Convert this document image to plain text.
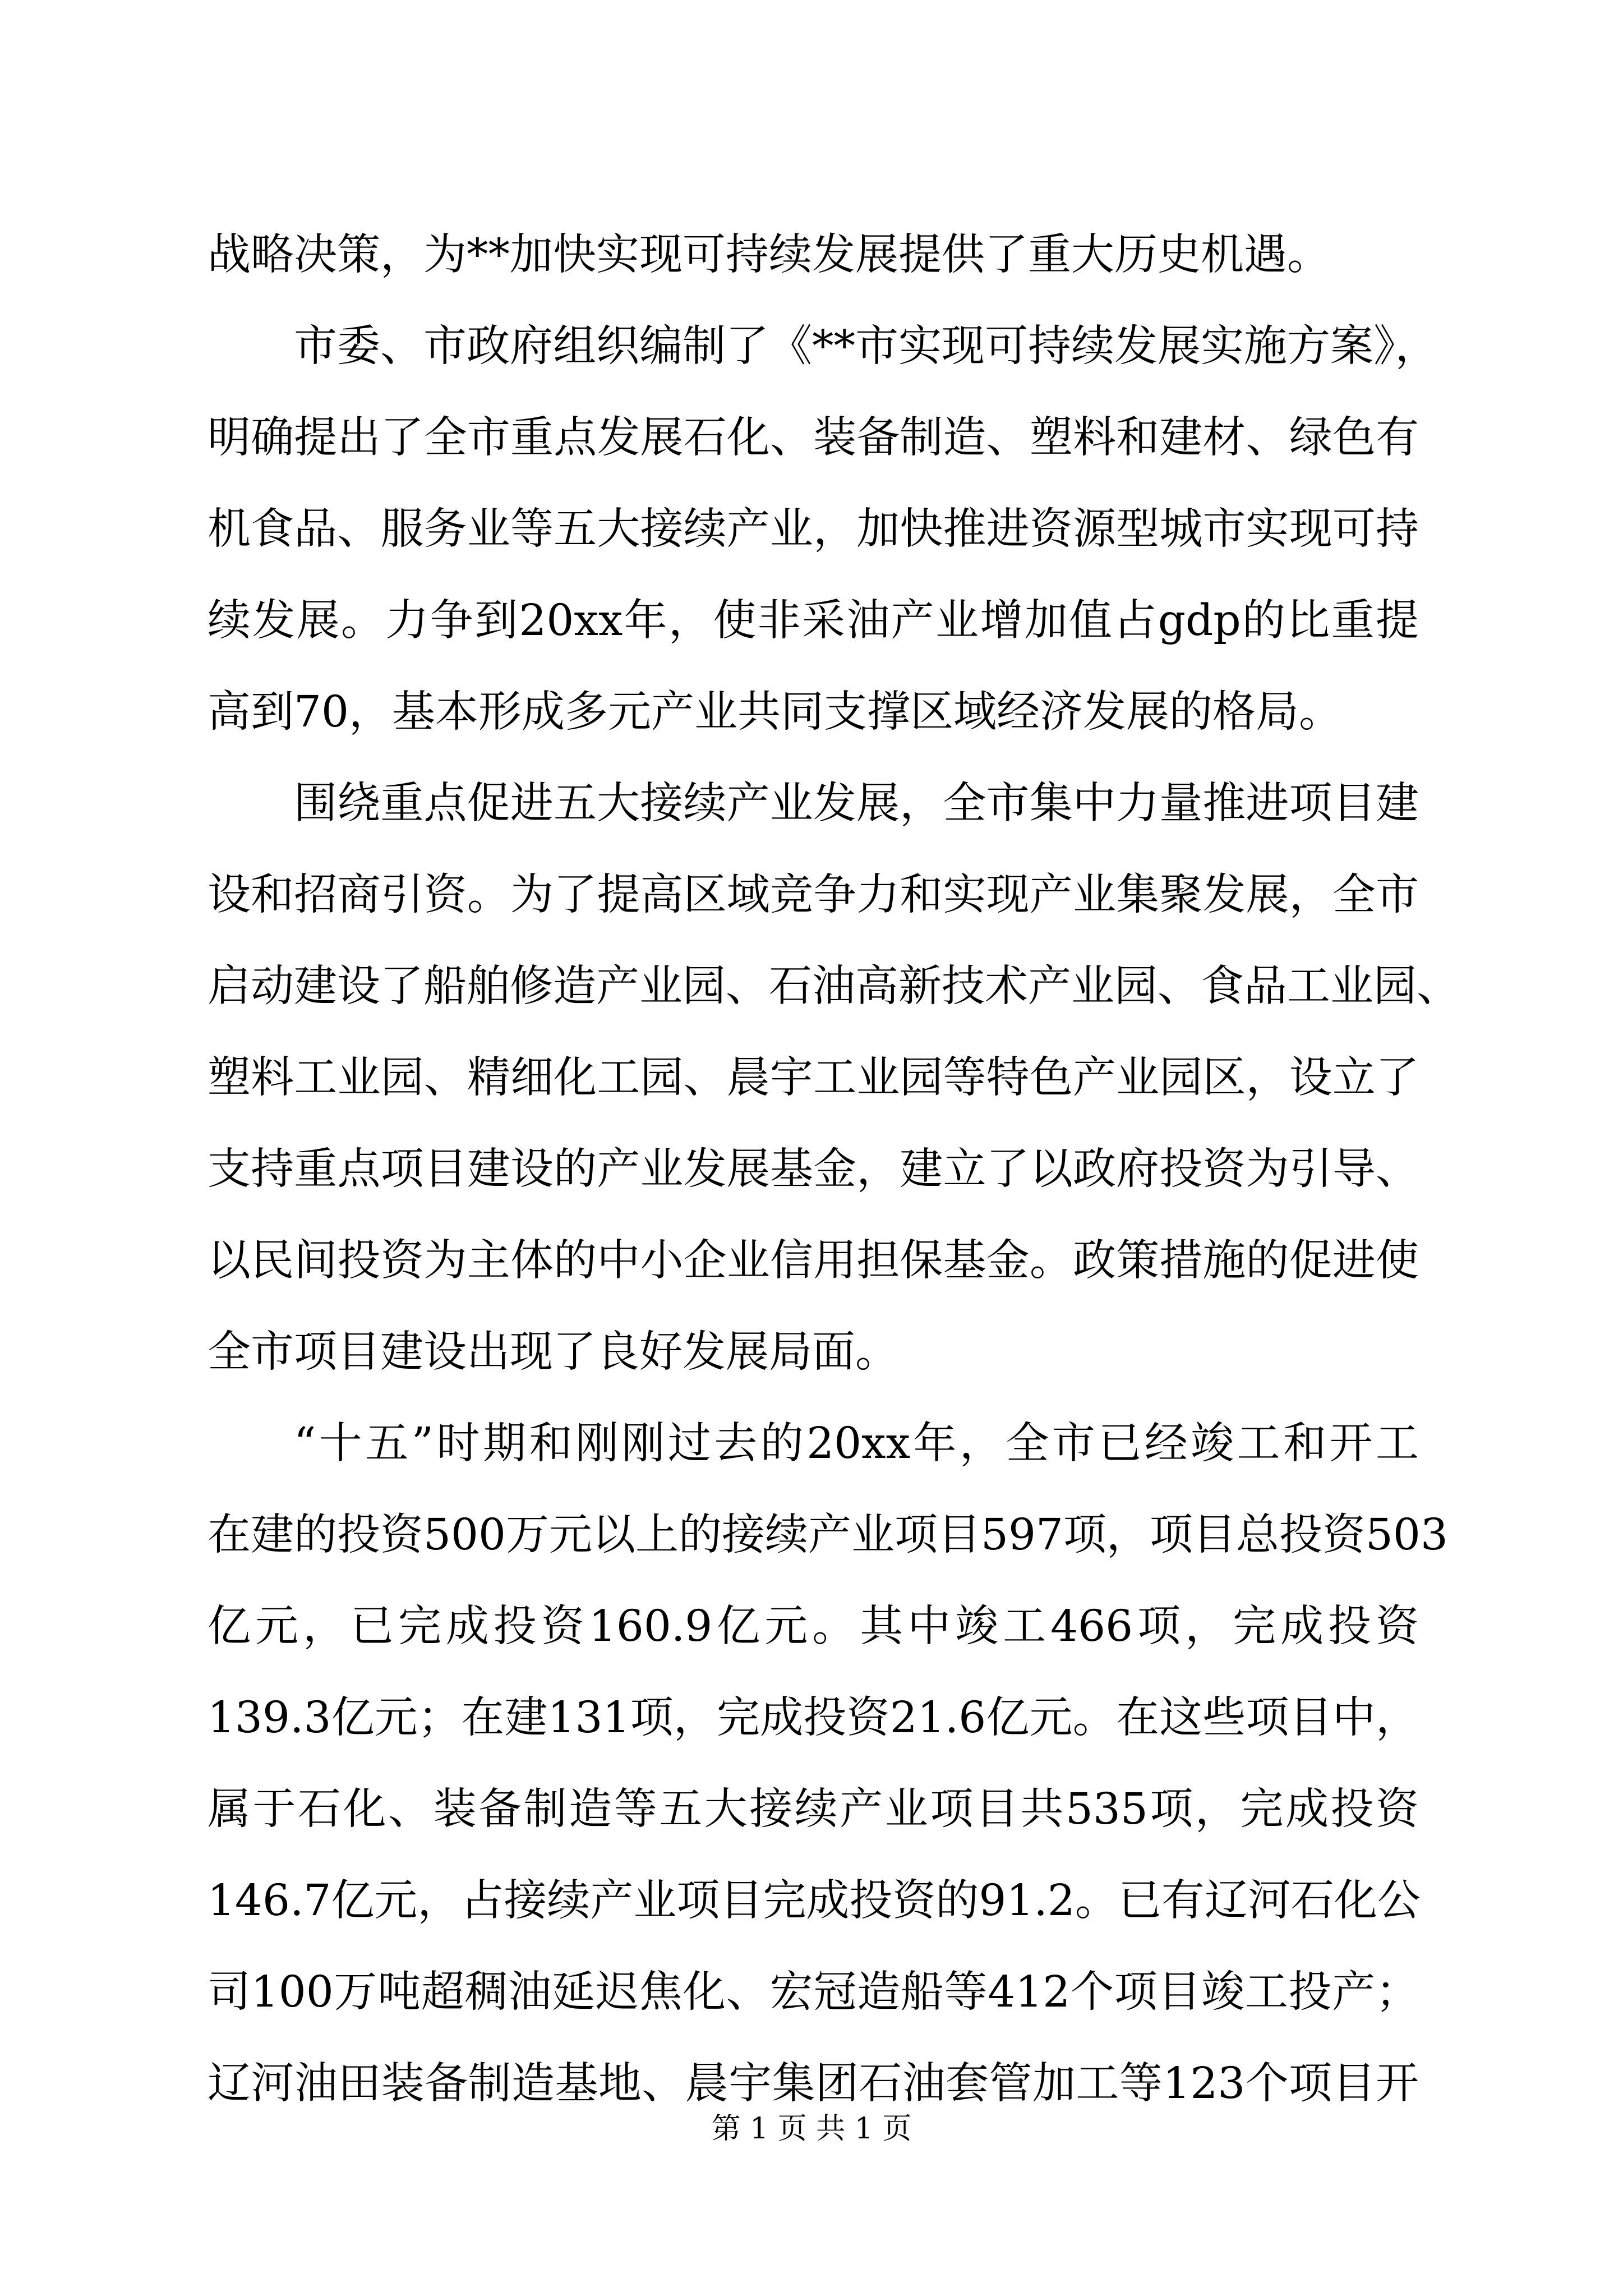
战略决策，为**加快实现可持续发展提供了重大历史机遇。
市委、市政府组织编制了《**市实现可持续发展实施方案》，
明确提出了全市重点发展石化、装备制造、塑料和建材、绿色有
机食品、服务业等五大接续产业，加快推进资源型城市实现可持
续发展。力争到20xx年，使非采油产业增加值占gdp的比重提
高到70，基本形成多元产业共同支撑区域经济发展的格局。
围绕重点促进五大接续产业发展，全市集中力量推进项目建
设和招商引资。为了提高区域竞争力和实现产业集聚发展，全市
启动建设了船舶修造产业园、石油高新技术产业园、食品工业园、
塑料工业园、精细化工园、晨宇工业园等特色产业园区，设立了
支持重点项目建设的产业发展基金，建立了以政府投资为引导、
以民间投资为主体的中小企业信用担保基金。政策措施的促进使
全市项目建设出现了良好发展局面。
“十五”时期和刚刚过去的20xx年，全市已经竣工和开工
在建的投资500万元以上的接续产业项目597项，项目总投资503
亿元，已完成投资160.9亿元。其中竣工466项，完成投资
139.3亿元；在建131项，完成投资21.6亿元。在这些项目中，
属于石化、装备制造等五大接续产业项目共535项，完成投资
146.7亿元，占接续产业项目完成投资的91.2。已有辽河石化公
司100万吨超稠油延迟焦化、宏冠造船等412个项目竣工投产；
辽河油田装备制造基地、晨宇集团石油套管加工等123个项目开
第 1 页 共 1 页
